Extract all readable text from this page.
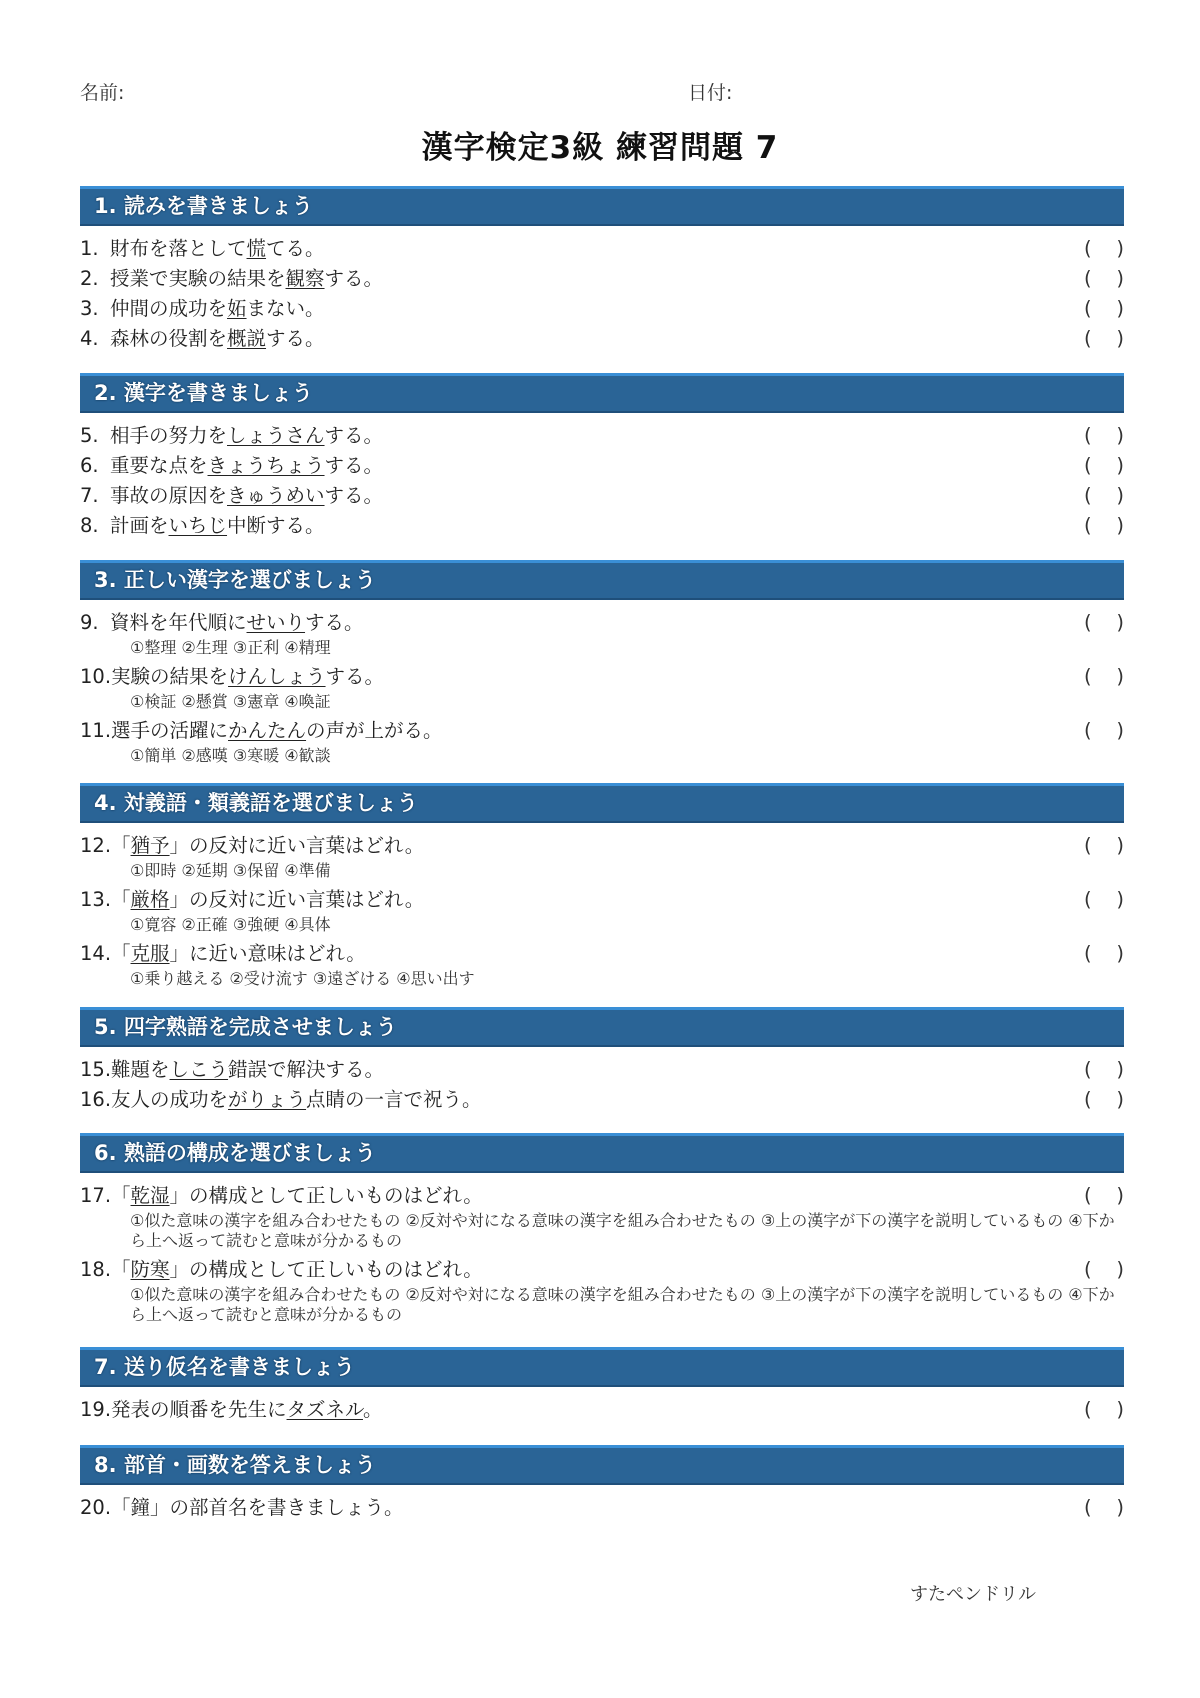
名前:	日付:
漢字検定3級 練習問題 7
1. 読みを書きましょう
1. 財布を落として慌てる。	( )
2. 授業で実験の結果を観察する。	( )
3. 仲間の成功を妬まない。	( )
4. 森林の役割を概説する。	( )
2. 漢字を書きましょう
5. 相手の努力をしょうさんする。	( )
6. 重要な点をきょうちょうする。	( )
7. 事故の原因をきゅうめいする。	( )
8. 計画をいちじ中断する。	( )
3. 正しい漢字を選びましょう
9. 資料を年代順にせいりする。	( )
①整理 ②生理 ③正利 ④精理
10.実験の結果をけんしょうする。	( )
①検証 ②懸賞 ③憲章 ④喚証
11.選手の活躍にかんたんの声が上がる。	( )
①簡単 ②感嘆 ③寒暖 ④歓談
4. 対義語・類義語を選びましょう
12.「猶予」の反対に近い言葉はどれ。	( )
①即時 ②延期 ③保留 ④準備
13.「厳格」の反対に近い言葉はどれ。	( )
①寛容 ②正確 ③強硬 ④具体
14.「克服」に近い意味はどれ。	( )
①乗り越える ②受け流す ③遠ざける ④思い出す
5. 四字熟語を完成させましょう
15.難題をしこう錯誤で解決する。	( )
16.友人の成功をがりょう点睛の一言で祝う。	( )
6. 熟語の構成を選びましょう
17.「乾湿」の構成として正しいものはどれ。	( )
①似た意味の漢字を組み合わせたもの ②反対や対になる意味の漢字を組み合わせたもの ③上の漢字が下の漢字を説明しているもの ④下から上へ返って読むと意味が分かるもの
18.「防寒」の構成として正しいものはどれ。	( )
①似た意味の漢字を組み合わせたもの ②反対や対になる意味の漢字を組み合わせたもの ③上の漢字が下の漢字を説明しているもの ④下から上へ返って読むと意味が分かるもの
7. 送り仮名を書きましょう
19.発表の順番を先生にタズネル。	( )
8. 部首・画数を答えましょう
20.「鐘」の部首名を書きましょう。	( )
すたぺンドリル
